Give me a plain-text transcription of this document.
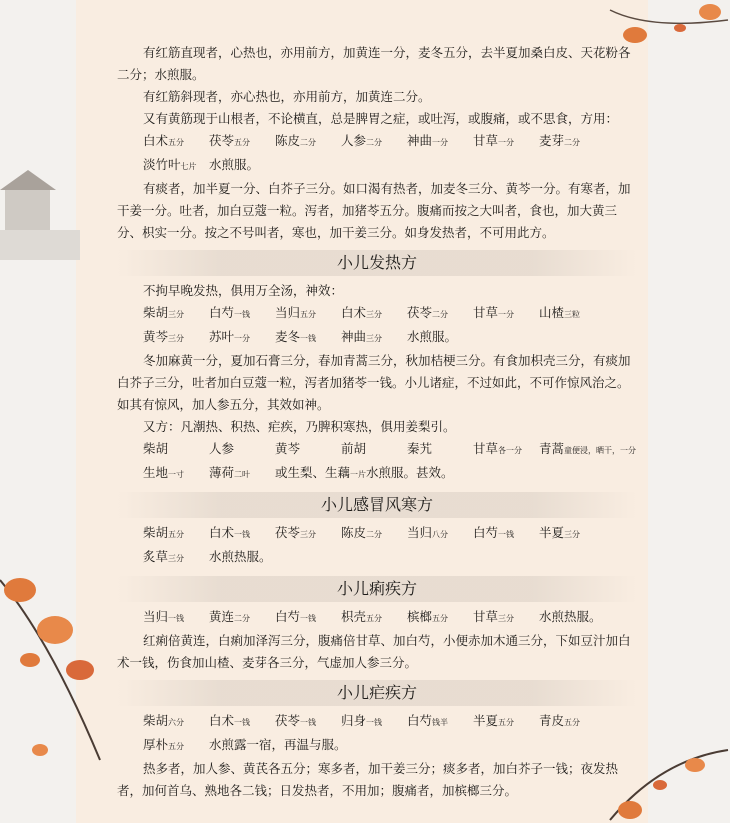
有红筋直现者，心热也，亦用前方，加黄连一分，麦冬五分，去半夏加桑白皮、天花粉各二分；水煎服。

有红筋斜现者，亦心热也，亦用前方，加黄连二分。

又有黄筋现于山根者，不论横直，总是脾胃之症，或吐泻，或腹痛，或不思食，方用：

白术五分	茯苓五分	陈皮二分	人参二分	神曲一分	甘草一分	麦芽二分
淡竹叶七片 水煎服。

有痰者，加半夏一分、白芥子三分。如口渴有热者，加麦冬三分、黄芩一分。有寒者，加干姜一分。吐者，加白豆蔻一粒。泻者，加猪苓五分。腹痛而按之大叫者，食也，加大黄三分、枳实一分。按之不号叫者，寒也，加干姜三分。如身发热者，不可用此方。

小儿发热方

不拘早晚发热，俱用万全汤，神效：

柴胡三分	白芍一钱	当归五分	白术三分	茯苓二分	甘草一分	山楂三粒
黄芩三分	苏叶一分	麦冬一钱	神曲三分	水煎服。

冬加麻黄一分，夏加石膏三分，春加青蒿三分，秋加桔梗三分。有食加枳壳三分，有痰加白芥子三分，吐者加白豆蔻一粒，泻者加猪苓一钱。小儿诸症，不过如此，不可作惊风治之。如其有惊风，加人参五分，其效如神。

又方：凡潮热、积热、疟疾，乃脾积寒热，俱用姜梨引。

柴胡	人参	黄芩	前胡	秦艽	甘草各一分	青蒿童便浸，晒干，一分
生地一寸	薄荷二叶	或生梨、生藕一片 水煎服。甚效。
小儿感冒风寒方
柴胡五分	白术一钱	茯苓三分	陈皮二分	当归八分	白芍一钱	半夏三分
炙草三分	水煎热服。
小儿痢疾方
当归一钱	黄连二分	白芍一钱	枳壳五分	槟榔五分	甘草三分	水煎热服。

红痢倍黄连，白痢加泽泻三分，腹痛倍甘草、加白芍，小便赤加木通三分，下如豆汁加白术一钱，伤食加山楂、麦芽各三分，气虚加人参三分。

小儿疟疾方
柴胡六分	白术一钱	茯苓一钱	归身一钱	白芍钱半	半夏五分	青皮五分
厚朴五分	水煎露一宿，再温与服。

热多者，加人参、黄芪各五分；寒多者，加干姜三分；痰多者，加白芥子一钱；夜发热者，加何首乌、熟地各二钱；日发热者，不用加；腹痛者，加槟榔三分。
